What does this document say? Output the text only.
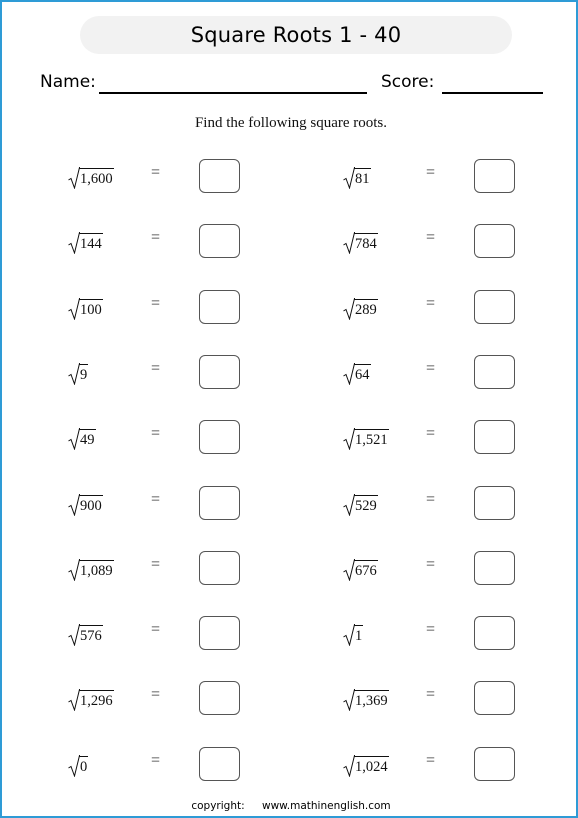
Square Roots 1 - 40
Name:	Score:
Find the following square roots.
1,600 =
144	=
100	=
9	=
49	=
900	=
1,089 =
576	=
1,296 =
0	=
81	=
784	=
289	=
64	=
1,521 =
529	=
676	=
1	=
1,369 =
1,024 =
copyright: www.mathinenglish.com
